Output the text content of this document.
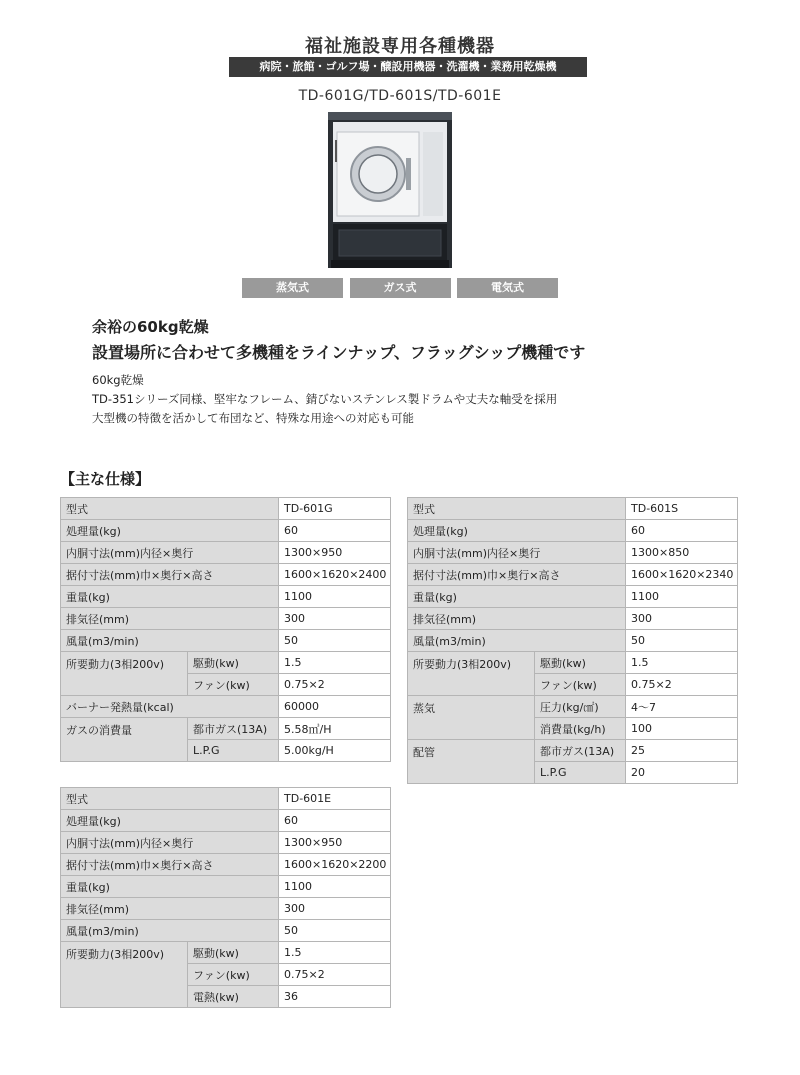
福祉施設専用各種機器
病院・旅館・ゴルフ場・醸設用機器・洗濯機・業務用乾燥機
TD-601G/TD-601S/TD-601E
蒸気式	ガス式	電気式
余裕の60kg乾燥
設置場所に合わせて多機種をラインナップ、フラッグシップ機種です
60kg乾燥
TD-351シリーズ同様、堅牢なフレーム、錆びないステンレス製ドラムや丈夫な軸受を採用
大型機の特徴を活かして布団など、特殊な用途への対応も可能
【主な仕様】
型式		TD-601G
処理量(kg)		60
内胴寸法(mm)内径×奥行		1300×950
据付寸法(mm)巾×奥行×高さ		1600×1620×2400
重量(kg)		1100
排気径(mm)		300
風量(m3/min)		50
所要動力(3相200v)	駆動(kw)	1.5
	ファン(kw)	0.75×2
バーナー発熱量(kcal)		60000
ガスの消費量	都市ガス(13A)	5.58㎥/H
	L.P.G	5.00kg/H
型式		TD-601S
処理量(kg)		60
内胴寸法(mm)内径×奥行		1300×850
据付寸法(mm)巾×奥行×高さ		1600×1620×2340
重量(kg)		1100
排気径(mm)		300
風量(m3/min)		50
所要動力(3相200v)	駆動(kw)	1.5
	ファン(kw)	0.75×2
蒸気	圧力(kg/㎠)	4〜7
	消費量(kg/h)	100
配管	都市ガス(13A)	25
	L.P.G	20
型式		TD-601E
処理量(kg)		60
内胴寸法(mm)内径×奥行		1300×950
据付寸法(mm)巾×奥行×高さ		1600×1620×2200
重量(kg)		1100
排気径(mm)		300
風量(m3/min)		50
所要動力(3相200v)	駆動(kw)	1.5
	ファン(kw)	0.75×2
	電熱(kw)	36
